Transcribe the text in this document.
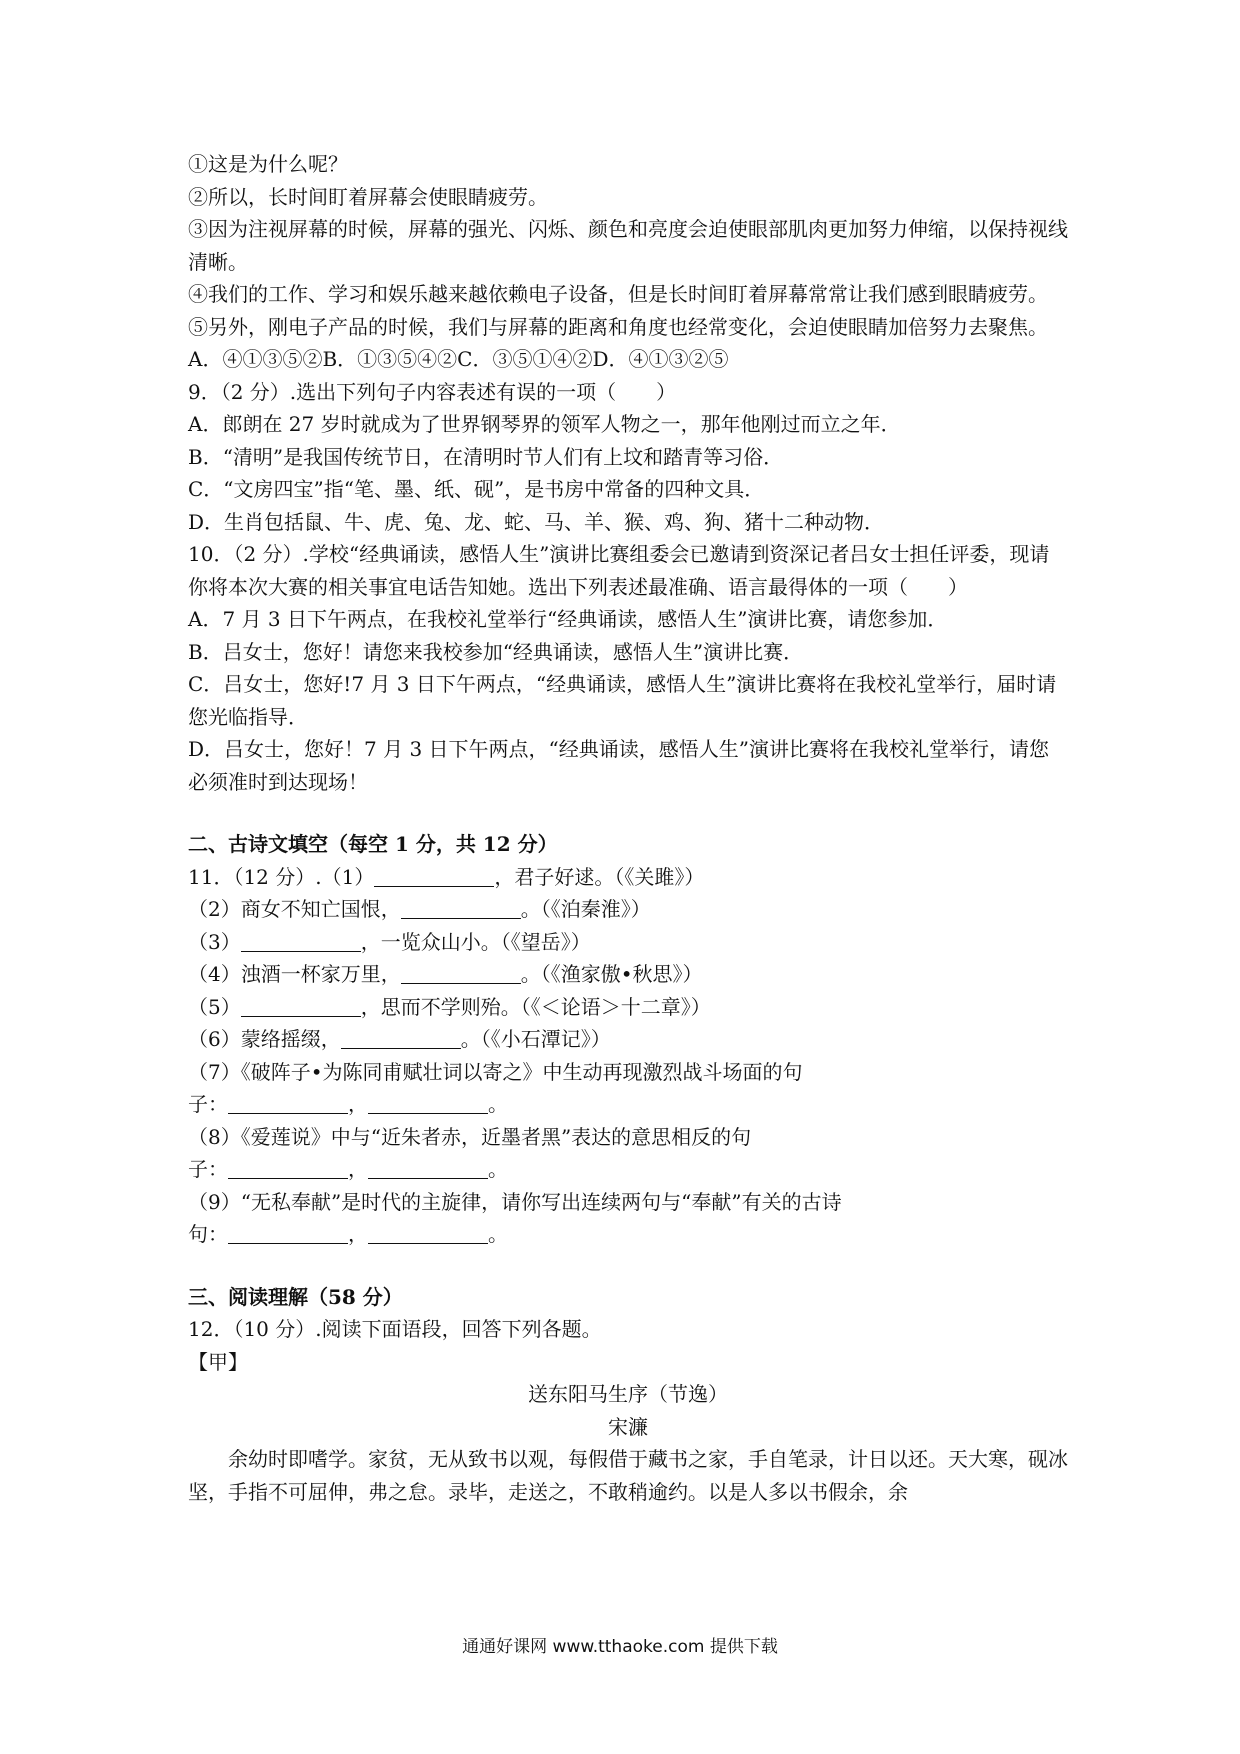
①这是为什么呢？
②所以，长时间盯着屏幕会使眼睛疲劳。
③因为注视屏幕的时候，屏幕的强光、闪烁、颜色和亮度会迫使眼部肌肉更加努力伸缩，以保持视线清晰。
④我们的工作、学习和娱乐越来越依赖电子设备，但是长时间盯着屏幕常常让我们感到眼睛疲劳。
⑤另外，刚电子产品的时候，我们与屏幕的距离和角度也经常变化，会迫使眼睛加倍努力去聚焦。
A．④①③⑤②B．①③⑤④②C．③⑤①④②D．④①③②⑤
9．（2 分）.选出下列句子内容表述有误的一项（　　）
A．郎朗在 27 岁时就成为了世界钢琴界的领军人物之一，那年他刚过而立之年．
B．“清明”是我国传统节日，在清明时节人们有上坟和踏青等习俗．
C．“文房四宝”指“笔、墨、纸、砚”，是书房中常备的四种文具．
D．生肖包括鼠、牛、虎、兔、龙、蛇、马、羊、猴、鸡、狗、猪十二种动物．
10．（2 分）.学校“经典诵读，感悟人生”演讲比赛组委会已邀请到资深记者吕女士担任评委，现请你将本次大赛的相关事宜电话告知她。选出下列表述最准确、语言最得体的一项（　　）
A．7 月 3 日下午两点，在我校礼堂举行“经典诵读，感悟人生”演讲比赛，请您参加．
B．吕女士，您好！请您来我校参加“经典诵读，感悟人生”演讲比赛．
C．吕女士，您好!7 月 3 日下午两点，“经典诵读，感悟人生”演讲比赛将在我校礼堂举行，届时请您光临指导．
D．吕女士，您好！7 月 3 日下午两点，“经典诵读，感悟人生”演讲比赛将在我校礼堂举行，请您必须准时到达现场！
二、古诗文填空（每空 1 分，共 12 分）
11．（12 分）.（1）	，君子好逑。（《关雎》）
（2）商女不知亡国恨，	。（《泊秦淮》）
（3）	，一览众山小。（《望岳》）
（4）浊酒一杯家万里，	。（《渔家傲•秋思》）
（5）	，思而不学则殆。（《＜论语＞十二章》）
（6）蒙络摇缀，	。（《小石潭记》）
（7）《破阵子•为陈同甫赋壮词以寄之》中生动再现激烈战斗场面的句
子：	，	。
（8）《爱莲说》中与“近朱者赤，近墨者黑”表达的意思相反的句
子：	，	。
（9）“无私奉献”是时代的主旋律，请你写出连续两句与“奉献”有关的古诗
句：	，	。
三、阅读理解（58 分）
12．（10 分）.阅读下面语段，回答下列各题。
【甲】
送东阳马生序（节逸）
宋濂
余幼时即嗜学。家贫，无从致书以观，每假借于藏书之家，手自笔录，计日以还。天大寒，砚冰坚，手指不可屈伸，弗之怠。录毕，走送之，不敢稍逾约。以是人多以书假余，余
通通好课网 www.tthaoke.com 提供下载
